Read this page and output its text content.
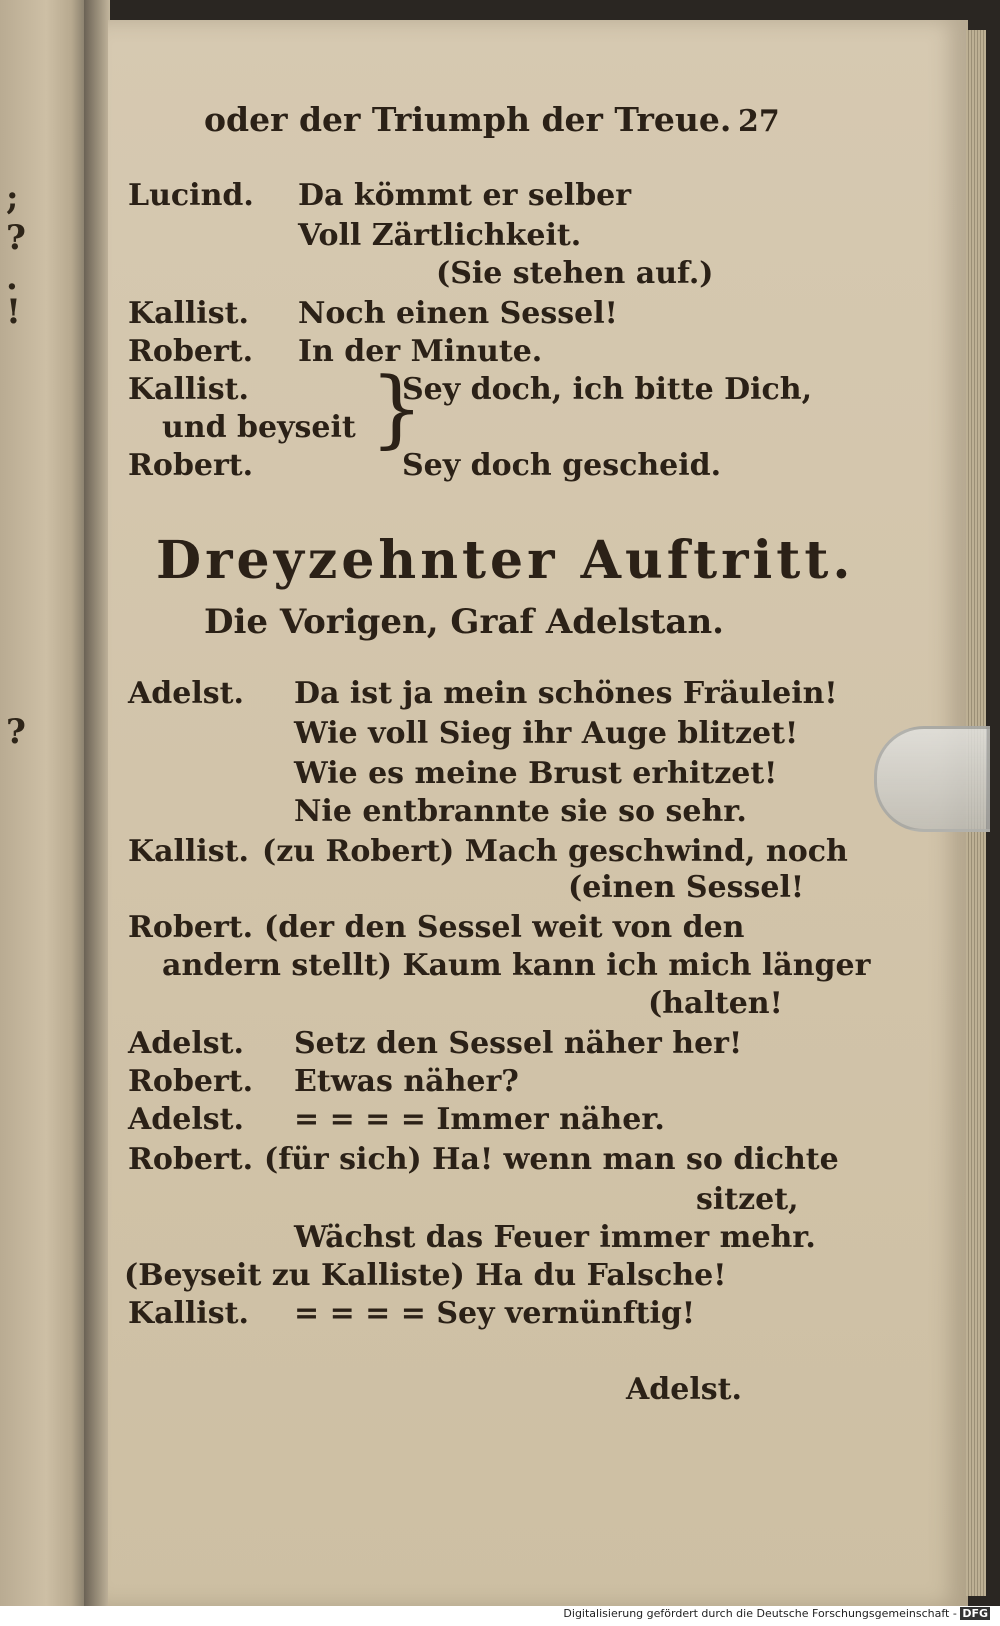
;
?
.
!
?
oder der Triumph der Treue. 27
Lucind. Da kömmt er selber
Voll Zärtlichkeit.
(Sie stehen auf.)
Kallist. Noch einen Sessel!
Robert. In der Minute.
Kallist.	Sey doch, ich bitte Dich,
und beyseit }
Robert.	Sey doch gescheid.
Dreyzehnter Auftritt.
Die Vorigen, Graf Adelstan.
Adelst. Da ist ja mein schönes Fräulein!
Wie voll Sieg ihr Auge blitzet!
Wie es meine Brust erhitzet!
Nie entbrannte sie so sehr.
Kallist. (zu Robert) Mach geschwind, noch
(einen Sessel!
Robert. (der den Sessel weit von den
andern stellt) Kaum kann ich mich länger
(halten!
Adelst. Setz den Sessel näher her!
Robert. Etwas näher?
Adelst. = = = = Immer näher.
Robert. (für sich) Ha! wenn man so dichte
sitzet,
Wächst das Feuer immer mehr.
(Beyseit zu Kalliste) Ha du Falsche!
Kallist. = = = = Sey vernünftig!
Adelst.
Digitalisierung gefördert durch die Deutsche Forschungsgemeinschaft - DFG
